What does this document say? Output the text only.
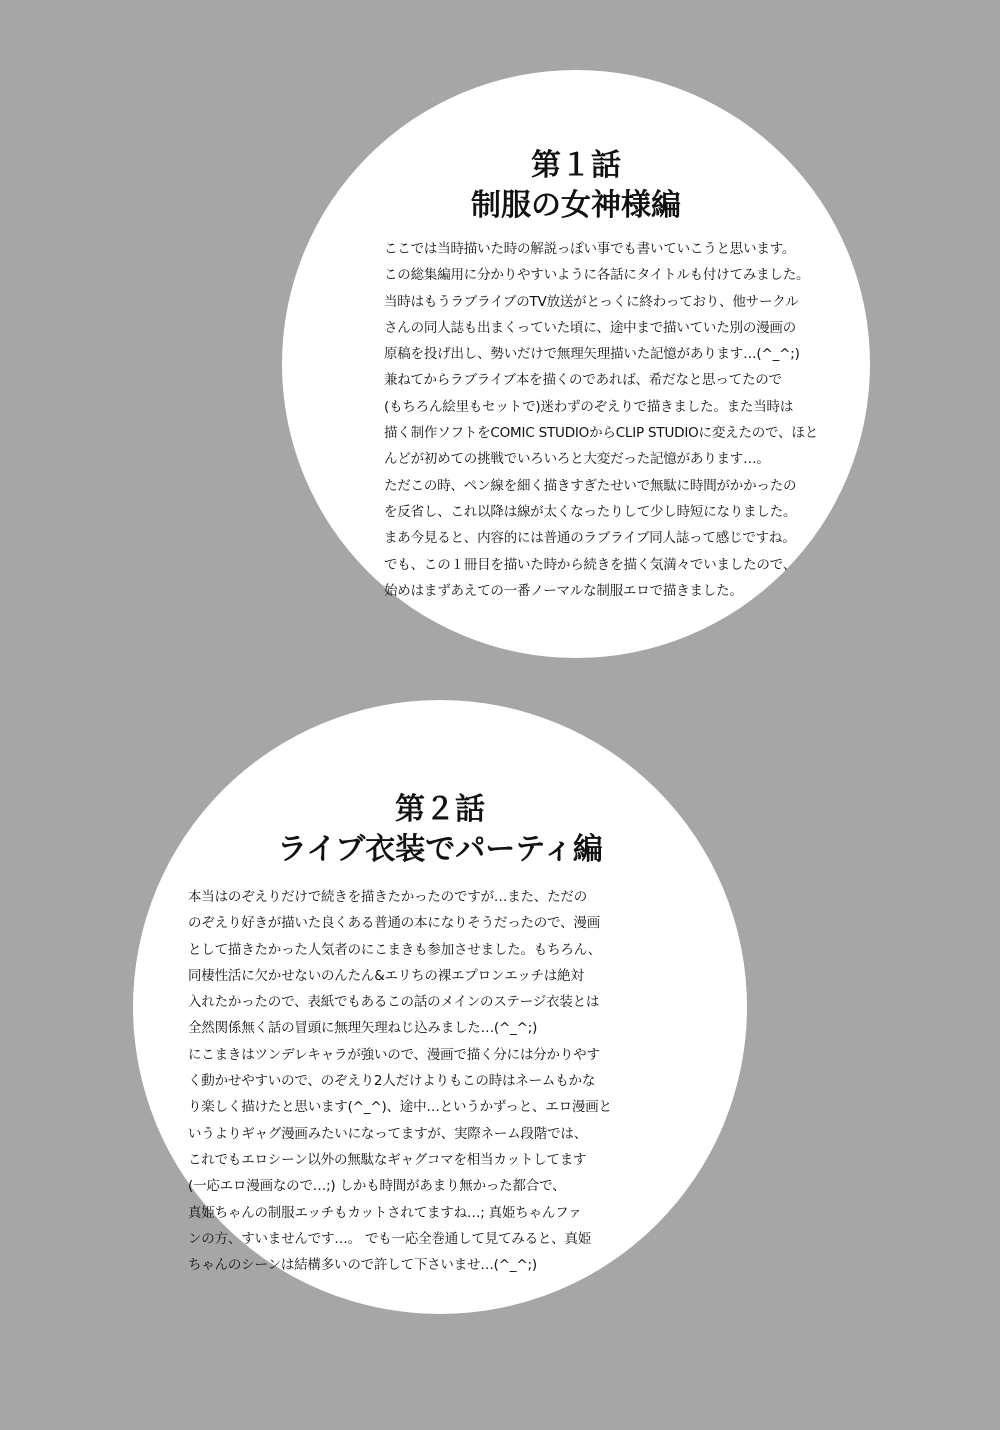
第１話
制服の女神様編
ここでは当時描いた時の解説っぽい事でも書いていこうと思います。
この総集編用に分かりやすいように各話にタイトルも付けてみました。
当時はもうラブライブのTV放送がとっくに終わっており、他サークル
さんの同人誌も出まくっていた頃に、途中まで描いていた別の漫画の
原稿を投げ出し、勢いだけで無理矢理描いた記憶があります…(^_^;)
兼ねてからラブライブ本を描くのであれば、希だなと思ってたので
(もちろん絵里もセットで)迷わずのぞえりで描きました。また当時は
描く制作ソフトをCOMIC STUDIOからCLIP STUDIOに変えたので、ほと
んどが初めての挑戦でいろいろと大変だった記憶があります…。
ただこの時、ペン線を細く描きすぎたせいで無駄に時間がかかったの
を反省し、これ以降は線が太くなったりして少し時短になりました。
まあ今見ると、内容的には普通のラブライブ同人誌って感じですね。
でも、この１冊目を描いた時から続きを描く気満々でいましたので、
始めはまずあえての一番ノーマルな制服エロで描きました。
第２話
ライブ衣装でパーティ編
本当はのぞえりだけで続きを描きたかったのですが…また、ただの
のぞえり好きが描いた良くある普通の本になりそうだったので、漫画
として描きたかった人気者のにこまきも参加させました。もちろん、
同棲性活に欠かせないのんたん&エリちの裸エプロンエッチは絶対
入れたかったので、表紙でもあるこの話のメインのステージ衣装とは
全然関係無く話の冒頭に無理矢理ねじ込みました…(^_^;)
にこまきはツンデレキャラが強いので、漫画で描く分には分かりやす
く動かせやすいので、のぞえり2人だけよりもこの時はネームもかな
り楽しく描けたと思います(^_^)、途中…というかずっと、エロ漫画と
いうよりギャグ漫画みたいになってますが、実際ネーム段階では、
これでもエロシーン以外の無駄なギャグコマを相当カットしてます
(一応エロ漫画なので…;) しかも時間があまり無かった都合で、
真姫ちゃんの制服エッチもカットされてますね…; 真姫ちゃんファ
ンの方、すいませんです…。 でも一応全巻通して見てみると、真姫
ちゃんのシーンは結構多いので許して下さいませ…(^_^;)
